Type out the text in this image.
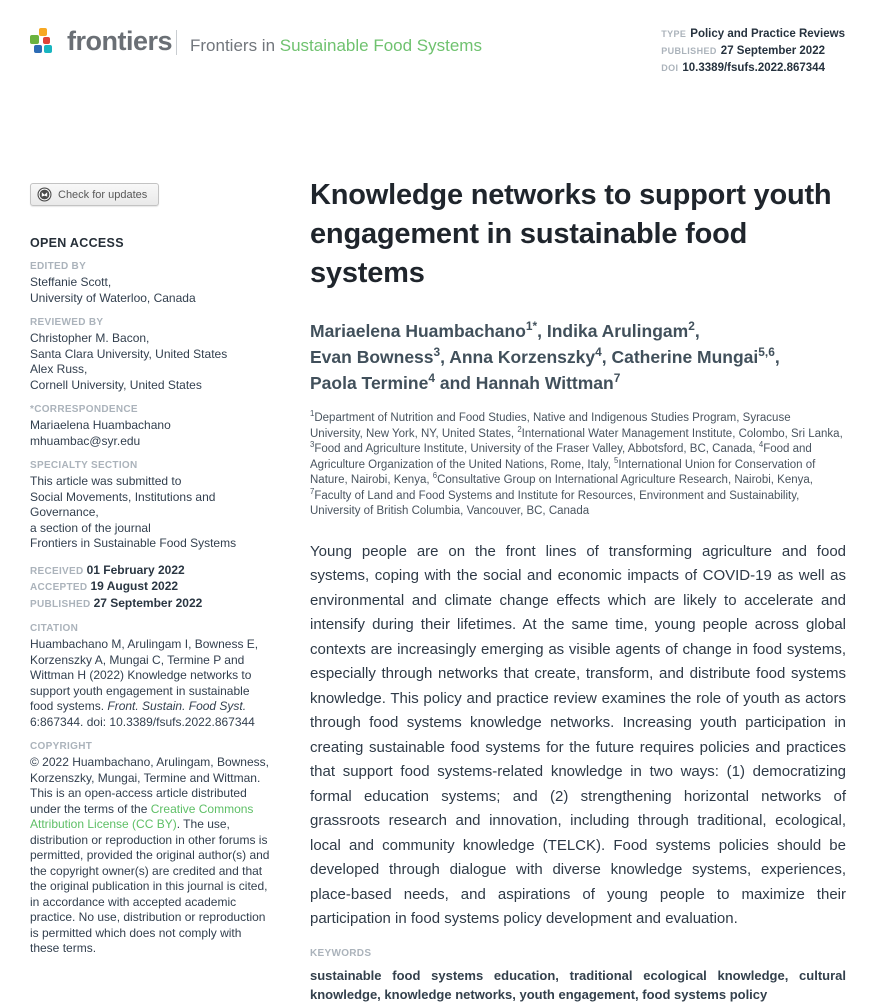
frontiers Frontiers in Sustainable Food Systems
TYPE Policy and Practice Reviews
PUBLISHED 27 September 2022
DOI 10.3389/fsufs.2022.867344
Check for updates
OPEN ACCESS
EDITED BY
Steffanie Scott,
University of Waterloo, Canada
REVIEWED BY
Christopher M. Bacon,
Santa Clara University, United States
Alex Russ,
Cornell University, United States
*CORRESPONDENCE
Mariaelena Huambachano
mhuambac@syr.edu
SPECIALTY SECTION
This article was submitted to
Social Movements, Institutions and
Governance,
a section of the journal
Frontiers in Sustainable Food Systems
RECEIVED 01 February 2022
ACCEPTED 19 August 2022
PUBLISHED 27 September 2022
CITATION
Huambachano M, Arulingam I, Bowness E, Korzenszky A, Mungai C, Termine P and Wittman H (2022) Knowledge networks to support youth engagement in sustainable food systems. Front. Sustain. Food Syst. 6:867344. doi: 10.3389/fsufs.2022.867344
COPYRIGHT
© 2022 Huambachano, Arulingam, Bowness, Korzenszky, Mungai, Termine and Wittman. This is an open-access article distributed under the terms of the Creative Commons Attribution License (CC BY). The use, distribution or reproduction in other forums is permitted, provided the original author(s) and the copyright owner(s) are credited and that the original publication in this journal is cited, in accordance with accepted academic practice. No use, distribution or reproduction is permitted which does not comply with these terms.
Knowledge networks to support youth engagement in sustainable food systems
Mariaelena Huambachano$^{1*}$, Indika Arulingam$^2$,
Evan Bowness$^3$, Anna Korzenszky$^4$, Catherine Mungai$^{5,6}$,
Paola Termine$^4$ and Hannah Wittman$^7$
$^1$Department of Nutrition and Food Studies, Native and Indigenous Studies Program, Syracuse University, New York, NY, United States, $^2$International Water Management Institute, Colombo, Sri Lanka, $^3$Food and Agriculture Institute, University of the Fraser Valley, Abbotsford, BC, Canada, $^4$Food and Agriculture Organization of the United Nations, Rome, Italy, $^5$International Union for Conservation of Nature, Nairobi, Kenya, $^6$Consultative Group on International Agriculture Research, Nairobi, Kenya, $^7$Faculty of Land and Food Systems and Institute for Resources, Environment and Sustainability, University of British Columbia, Vancouver, BC, Canada
Young people are on the front lines of transforming agriculture and food systems, coping with the social and economic impacts of COVID-19 as well as environmental and climate change effects which are likely to accelerate and intensify during their lifetimes. At the same time, young people across global contexts are increasingly emerging as visible agents of change in food systems, especially through networks that create, transform, and distribute food systems knowledge. This policy and practice review examines the role of youth as actors through food systems knowledge networks. Increasing youth participation in creating sustainable food systems for the future requires policies and practices that support food systems-related knowledge in two ways: (1) democratizing formal education systems; and (2) strengthening horizontal networks of grassroots research and innovation, including through traditional, ecological, local and community knowledge (TELCK). Food systems policies should be developed through dialogue with diverse knowledge systems, experiences, place-based needs, and aspirations of young people to maximize their participation in food systems policy development and evaluation.
KEYWORDS
sustainable food systems education, traditional ecological knowledge, cultural knowledge, knowledge networks, youth engagement, food systems policy
